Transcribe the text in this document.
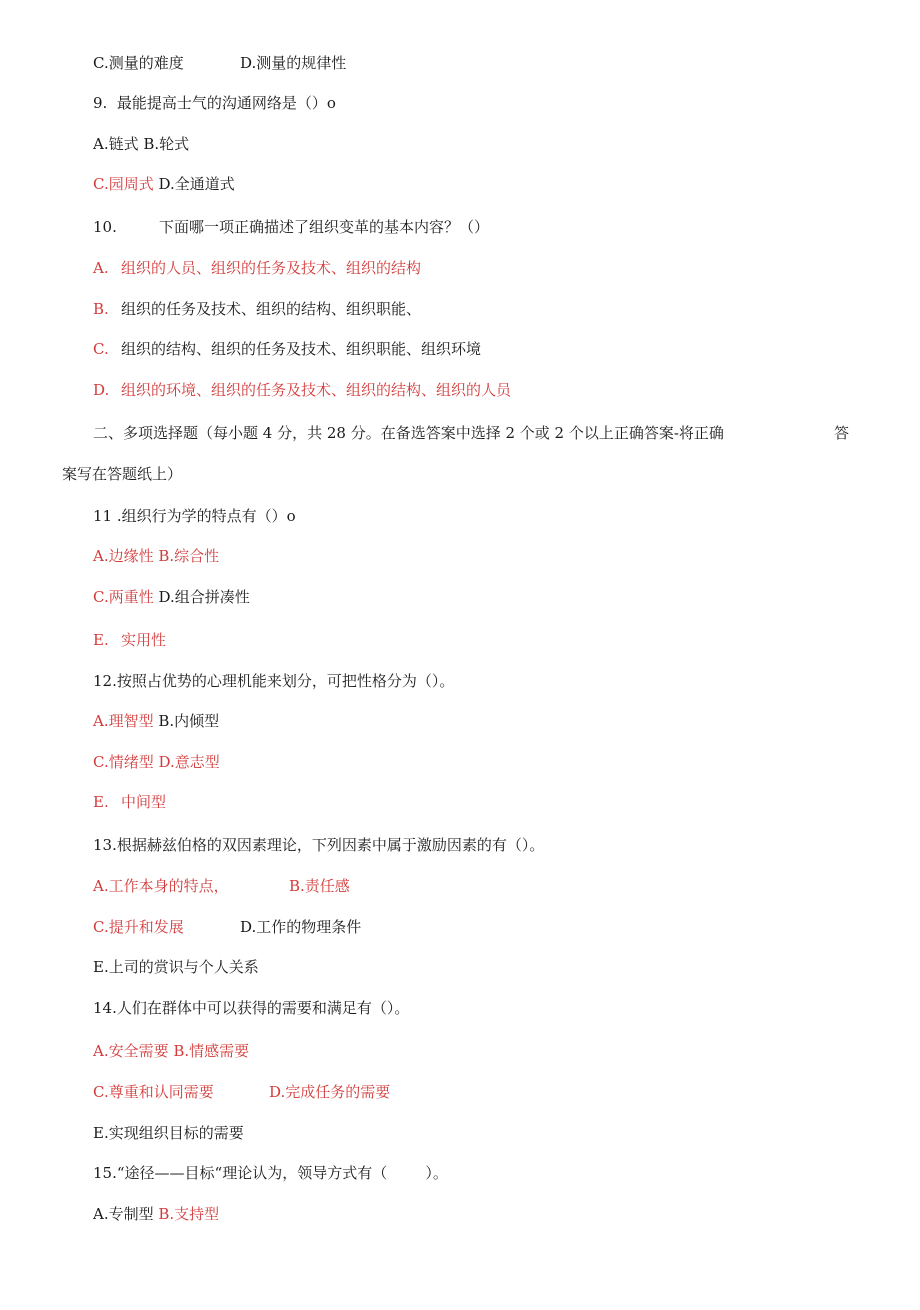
C.测量的难度	D.测量的规律性
9.  最能提高士气的沟通网络是（）o
A.链式 B.轮式
C.园周式 D.全通道式
10.	下面哪一项正确描述了组织变革的基本内容？（）
A. 组织的人员、组织的任务及技术、组织的结构
B. 组织的任务及技术、组织的结构、组织职能、
C. 组织的结构、组织的任务及技术、组织职能、组织环境
D. 组织的环境、组织的任务及技术、组织的结构、组织的人员
二、多项选择题（每小题 4 分，共 28 分。在备选答案中选择 2 个或 2 个以上正确答案-将正确	答
案写在答题纸上）
11 .组织行为学的特点有（）o
A.边缘性 B.综合性
C.两重性 D.组合拼凑性
E. 实用性
12.按照占优势的心理机能来划分，可把性格分为（）。
A.理智型 B.内倾型
C.情绪型 D.意志型
E. 中间型
13.根据赫兹伯格的双因素理论，下列因素中属于激励因素的有（）。
A.工作本身的特点，	B.责任感
C.提升和发展	D.工作的物理条件
E.上司的赏识与个人关系
14.人们在群体中可以获得的需要和满足有（）。
A.安全需要 B.情感需要
C.尊重和认同需要	D.完成任务的需要
E.实现组织目标的需要
15.“途径——目标“理论认为，领导方式有（        ）。
A.专制型 B.支持型
